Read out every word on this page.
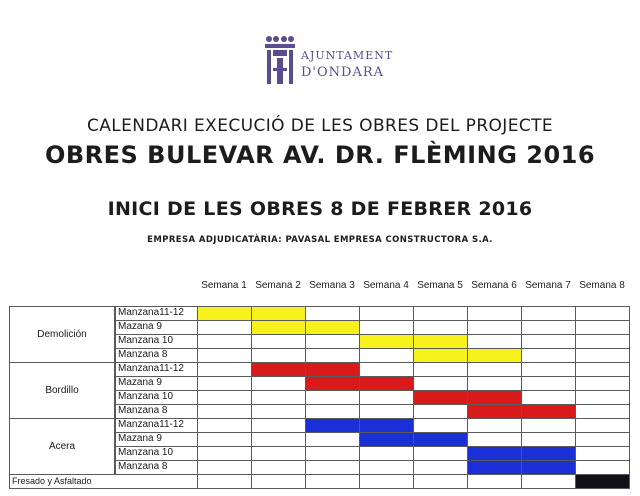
AJUNTAMENT
D'ONDARA
CALENDARI EXECUCIÓ DE LES OBRES DEL PROJECTE
OBRES BULEVAR AV. DR. FLÈMING 2016
INICI DE LES OBRES 8 DE FEBRER 2016
EMPRESA ADJUDICATÀRIA: PAVASAL EMPRESA CONSTRUCTORA S.A.
Semana 1 Semana 2 Semana 3 Semana 4 Semana 5 Semana 6 Semana 7 Semana 8
Demolición
Manzana11-12
Mazana 9
Manzana 10
Manzana 8
Bordillo
Manzana11-12
Mazana 9
Manzana 10
Manzana 8
Acera
Manzana11-12
Mazana 9
Manzana 10
Manzana 8
Fresado y Asfaltado
